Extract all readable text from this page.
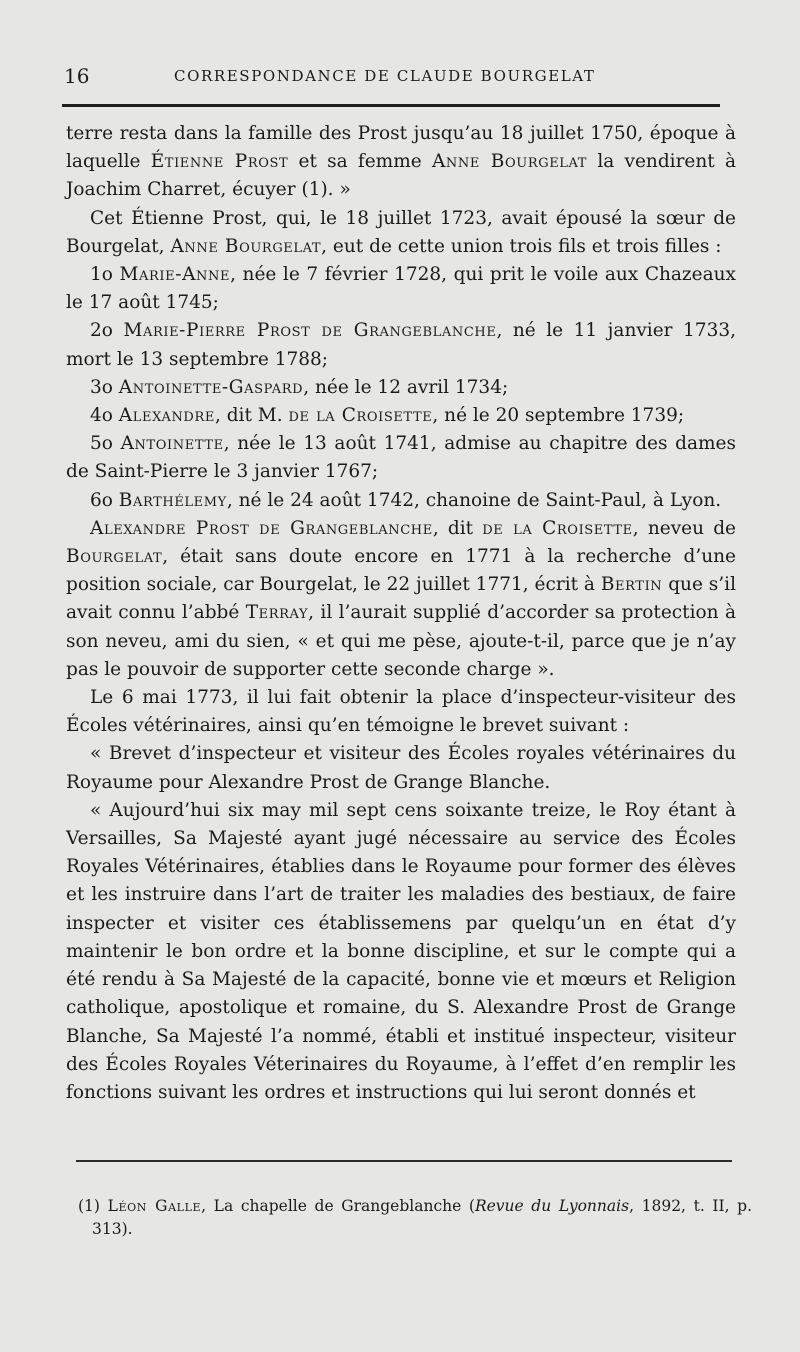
16	CORRESPONDANCE DE CLAUDE BOURGELAT

terre resta dans la famille des Prost jusqu’au 18 juillet 1750, époque à laquelle Étienne Prost et sa femme Anne Bourgelat la vendirent à Joachim Charret, écuyer (1). »

Cet Étienne Prost, qui, le 18 juillet 1723, avait épousé la sœur de Bourgelat, Anne Bourgelat, eut de cette union trois fils et trois filles :

1o Marie-Anne, née le 7 février 1728, qui prit le voile aux Chazeaux le 17 août 1745;

2o Marie-Pierre Prost de Grangeblanche, né le 11 janvier 1733, mort le 13 septembre 1788;

3o Antoinette-Gaspard, née le 12 avril 1734;

4o Alexandre, dit M. de la Croisette, né le 20 septembre 1739;

5o Antoinette, née le 13 août 1741, admise au chapitre des dames de Saint-Pierre le 3 janvier 1767;

6o Barthélemy, né le 24 août 1742, chanoine de Saint-Paul, à Lyon.

Alexandre Prost de Grangeblanche, dit de la Croisette, neveu de Bourgelat, était sans doute encore en 1771 à la recherche d’une position sociale, car Bourgelat, le 22 juillet 1771, écrit à Bertin que s’il avait connu l’abbé Terray, il l’aurait supplié d’accorder sa protection à son neveu, ami du sien, « et qui me pèse, ajoute-t-il, parce que je n’ay pas le pouvoir de supporter cette seconde charge ».

Le 6 mai 1773, il lui fait obtenir la place d’inspecteur-visiteur des Écoles vétérinaires, ainsi qu’en témoigne le brevet suivant :

« Brevet d’inspecteur et visiteur des Écoles royales vétérinaires du Royaume pour Alexandre Prost de Grange Blanche.

« Aujourd’hui six may mil sept cens soixante treize, le Roy étant à Versailles, Sa Majesté ayant jugé nécessaire au service des Écoles Royales Vétérinaires, établies dans le Royaume pour former des élèves et les instruire dans l’art de traiter les maladies des bestiaux, de faire inspecter et visiter ces établissemens par quelqu’un en état d’y maintenir le bon ordre et la bonne discipline, et sur le compte qui a été rendu à Sa Majesté de la capacité, bonne vie et mœurs et Religion catholique, apostolique et romaine, du S. Alexandre Prost de Grange Blanche, Sa Majesté l’a nommé, établi et institué inspecteur, visiteur des Écoles Royales Véterinaires du Royaume, à l’effet d’en remplir les fonctions suivant les ordres et instructions qui lui seront donnés et

(1) Léon Galle, La chapelle de Grangeblanche (Revue du Lyonnais, 1892, t. II, p. 313).
